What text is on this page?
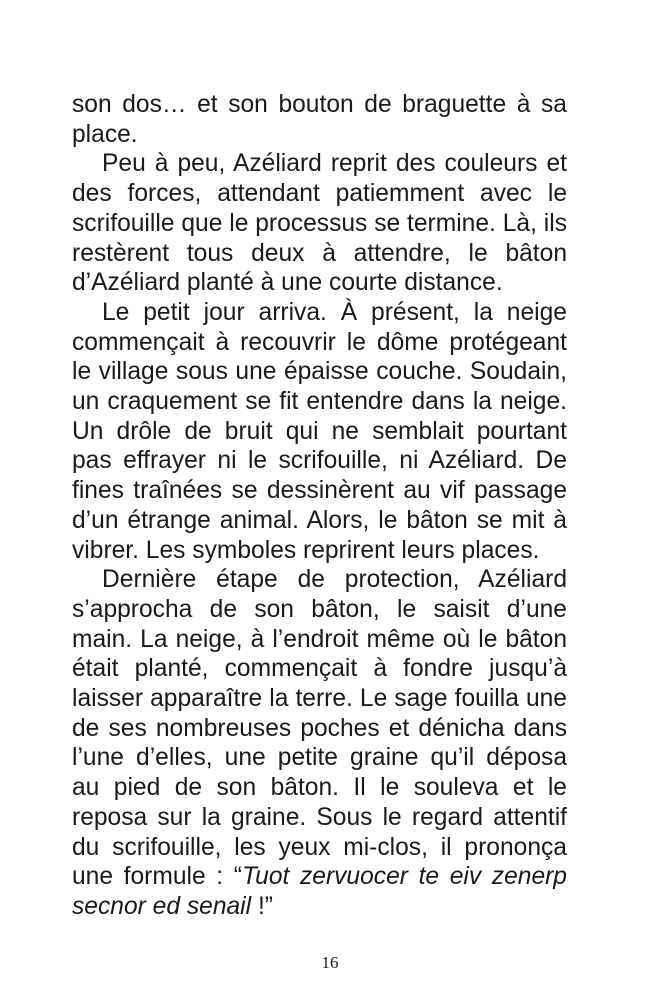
son dos… et son bouton de braguette à sa place.

Peu à peu, Azéliard reprit des couleurs et des forces, attendant patiemment avec le scrifouille que le processus se termine. Là, ils restèrent tous deux à attendre, le bâton d’Azéliard planté à une courte distance.

Le petit jour arriva. À présent, la neige commençait à recouvrir le dôme protégeant le village sous une épaisse couche. Soudain, un craquement se fit entendre dans la neige. Un drôle de bruit qui ne semblait pourtant pas effrayer ni le scrifouille, ni Azéliard. De fines traînées se dessinèrent au vif passage d’un étrange animal. Alors, le bâton se mit à vibrer. Les symboles reprirent leurs places.

Dernière étape de protection, Azéliard s’approcha de son bâton, le saisit d’une main. La neige, à l’endroit même où le bâton était planté, commençait à fondre jusqu’à laisser apparaître la terre. Le sage fouilla une de ses nombreuses poches et dénicha dans l’une d’elles, une petite graine qu’il déposa au pied de son bâton. Il le souleva et le reposa sur la graine. Sous le regard attentif du scrifouille, les yeux mi-clos, il prononça une formule : “Tuot zervuocer te eiv zenerp secnor ed senail !”

16
